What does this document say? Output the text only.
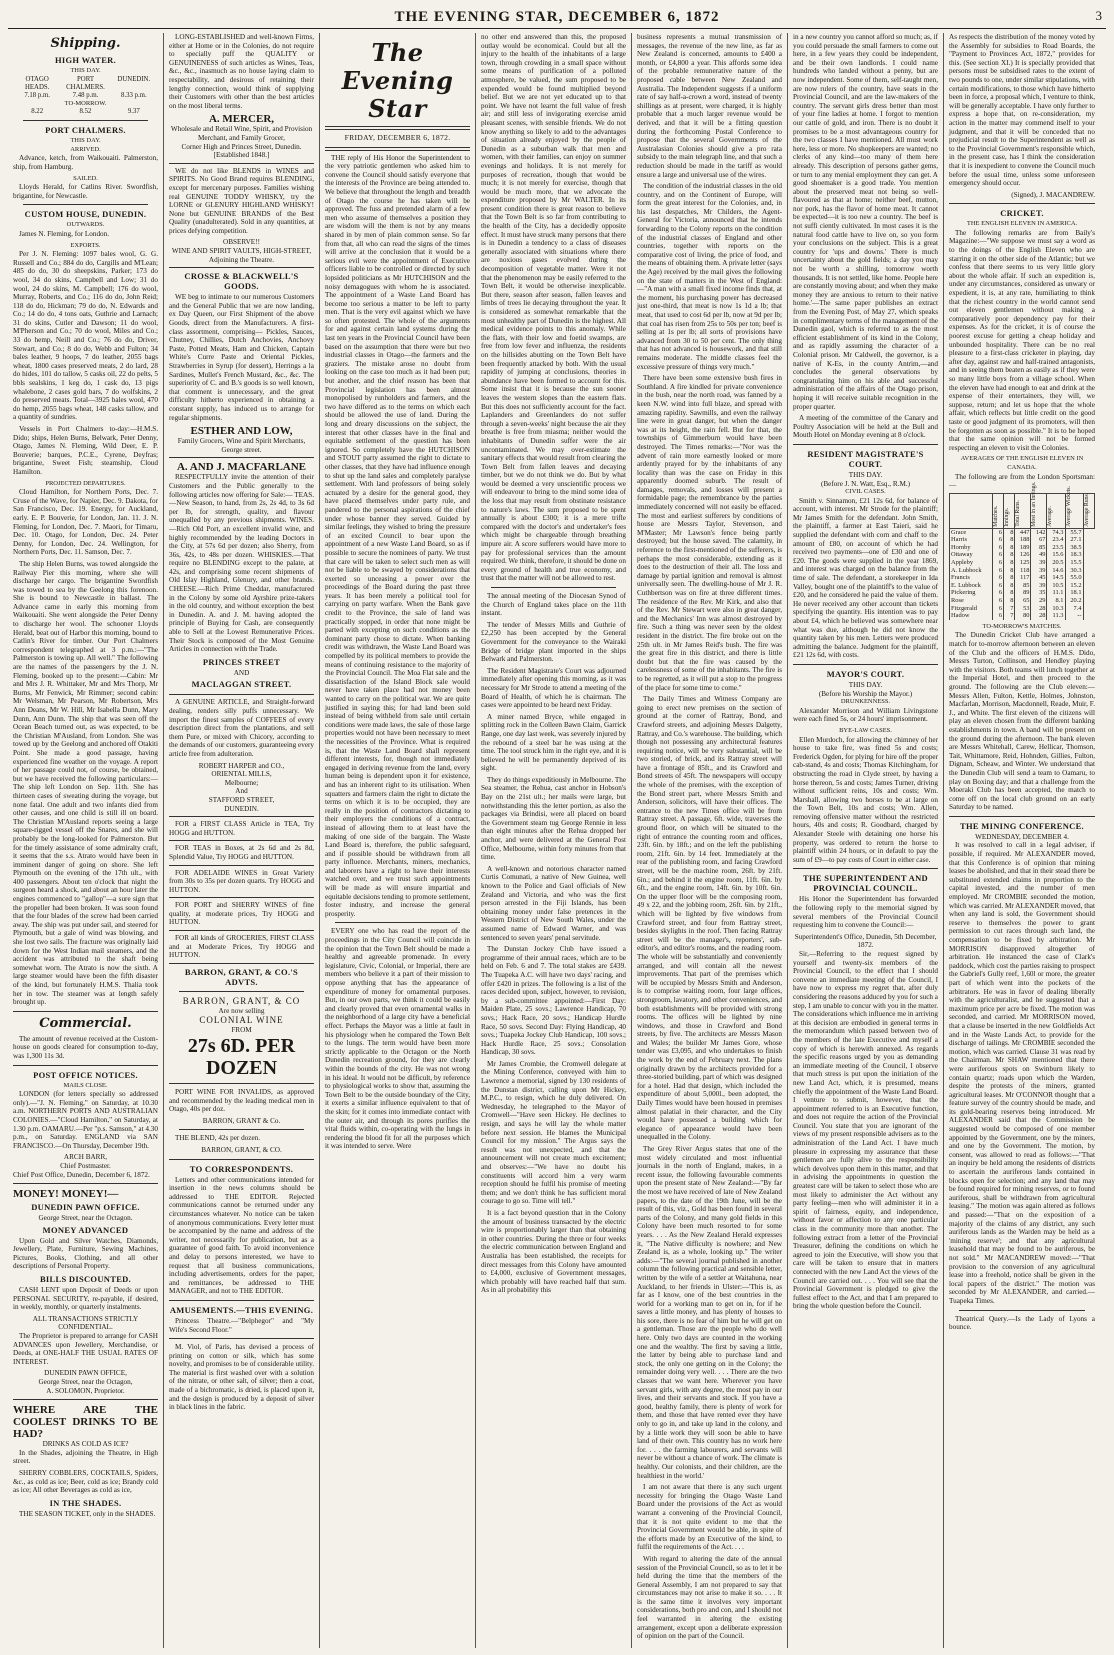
THE EVENING STAR, DECEMBER 6, 1872	3
Shipping.
HIGH WATER.
THIS DAY.
OTAGO HEADS.
PORT CHALMERS.
DUNEDIN.
7.18 p.m.	7.48 p.m.	8.33 p.m.
TO-MORROW.
8.22	8.52	9.37
PORT CHALMERS.
THIS DAY.
ARRIVED.

Advance, ketch, from Waikouaiti. Palmerston, ship, from Hamburg.

SAILED.

Lloyds Herald, for Catlins River. Swordfish, brigantine, for Newcastle.

CUSTOM HOUSE, DUNEDIN.
OUTWARDS.

James N. Fleming, for London.

EXPORTS.

Per J. N. Fleming: 1097 bales wool, G. G. Russell and Co.; 884 do do, Cargills and M'Lean; 485 do do, 30 do sheepskins, Parker; 173 do wool, 34 do skins, Campbell and Low; 31 do wool, 24 do skins, M. Campbell; 176 do wool, Murray, Roberts, and Co.; 116 do do, John Reid; 118 do do, Hickman; 79 do do, N. Edwards and Co.; 14 do do, 4 tons oats, Guthrie and Larnach; 31 do skins, Cutler and Dawson; 11 do wool, M'Pherson and Co.; 70 do wool, Miles and Co.; 33 do hemp, Neill and Co.; 76 do do, Driver, Stewart, and Co.; 8 do do, Webb and Fulton; 34 bales leather, 9 hoops, 7 do leather, 2055 bags wheat, 1800 cases preserved meats, 2 do lard, 28 do hides, 101 do tallow, 5 casks oil, 22 do pelts, 5 bbls sealskins, 1 keg do, 1 cask do, 13 pigs whalebone, 2 cases gold bars, 7 do wolfskins, 2 do preserved meats. Total—3925 bales wool, 470 do hemp, 2055 bags wheat, 148 casks tallow, and a quantity of sundries.

Vessels in Port Chalmers to-day:—H.M.S. Dido; ships, Helen Burns, Belwark, Peter Denny, Otago, James N. Fleming, Wild Deer, E. P. Bouverie; barques, P.C.E., Cyrene, Deyfras; brigantine, Sweet Fish; steamship, Cloud Hamilton.

PROJECTED DEPARTURES.

Cloud Hamilton, for Northern Ports, Dec. 7. Cruse of the Wave, for Napier, Dec. 9. Dakota, for San Francisco, Dec. 19. Energy, for Auckland, early. E. P. Bouverie, for London, Jan. 11. J. N. Fleming, for London, Dec. 7. Maori, for Timaru, Dec. 10. Otago, for London, Dec. 24. Peter Denny, for London, Dec. 24. Wellington, for Northern Ports, Dec. 11. Samson, Dec. 7.

The ship Helen Burns, was towed alongside the Railway Pier this morning, where she will discharge her cargo. The brigantine Swordfish was towed to sea by the Geelong this forenoon. She is bound to Newcastle in ballast. The Advance came in early this morning from Waikouaiti. She went alongside the Peter Denny to discharge her wool. The schooner Lloyds Herald, beat out of Harbor this morning, bound to Catlin's River for timber. Our Port Chalmers correspondent telegraphed at 3 p.m.:—"The Palmerston is towing up. All well." The following are the names of the passengers by the J. N. Fleming, booked up to the present:—Cabin: Mr and Mrs J. R. Whittaker, Mr and Mrs Thorp, Mr Burns, Mr Fenwick, Mr Rimmer; second cabin: Mr Welsman, Mr Pearson, Mr Robertson, Mrs Ann Deans, Mr W. Hill, Mr Isabella Dunn, Mary Dunn, Ann Dunn. The ship that was seen off the Ocean Beach turned out, as was expected, to be the Christian M'Ausland, from London. She was towed up by the Geelong and anchored off Otakiti Point. She made a good passage, having experienced fine weather on the voyage. A report of her passage could not, of course, be obtained, but we have received the following particulars:—The ship left London on Sep. 11th. She has thirteen cases of sweating during the voyage, but none fatal. One adult and two infants died from other causes, and one child is still ill on board. The Christian M'Ausland reports seeing a large square-rigged vessel off the Snares, and she will probably be the long-looked for Palmerston. But for the timely assistance of some admiralty craft, it seems that the s.s. Atrato would have been in imminent danger of going on shore. She left Plymouth on the evening of the 17th ult., with 400 passengers. About ten o'clock that night the surgeon heard a shock, and about an hour later the engines commenced to "gallop"—a sure sign that the propeller had been broken. It was soon found that the four blades of the screw had been carried away. The ship was put under sail, and steered for Plymouth, but a gale of wind was blowing, and she lost two sails. The fracture was originally laid down for the West Indian mail steamers, and the accident was attributed to the shaft being somewhat worn. The Atrato is now the sixth. A large steamer would have been the fifth disaster of the kind, but fortunately H.M.S. Thalia took her in tow. The steamer was at length safely brought up.

Commercial.

The amount of revenue received at the Custom-house on goods cleared for consumption to-day, was 1,300 11s 3d.

POST OFFICE NOTICES.
MAILS CLOSE.

LONDON (for letters specially so addressed only).—"J. N. Fleming," on Saturday, at 10.30 a.m. NORTHERN PORTS AND AUSTRALIAN COLONIES.—"Cloud Hamilton," on Saturday, at 1.30 p.m. OAMARU.—Per "p.s. Samson," at 4.30 p.m., on Saturday. ENGLAND via SAN FRANCISCO.—On Thursday, December 19th.

ARCH BARR,
Chief Postmaster.

Chief Post Office, Dunedin, December 6, 1872.

MONEY! MONEY!—
DUNEDIN PAWN OFFICE.
George Street, near the Octagon.
MONEY ADVANCED

Upon Gold and Silver Watches, Diamonds, Jewellery, Plate, Furniture, Sewing Machines, Pictures, Books, Clothing, and all other descriptions of Personal Property.

BILLS DISCOUNTED.

CASH LENT upon Deposit of Deeds or upon PERSONAL SECURITY, re-payable, if desired, in weekly, monthly, or quarterly instalments.

ALL TRANSACTIONS STRICTLY CONFIDENTIAL.

The Proprietor is prepared to arrange for CASH ADVANCES upon Jewellery, Merchandise, or Deeds, at ONE-HALF THE USUAL RATES OF INTEREST.

DUNEDIN PAWN OFFICE,
George Street, near the Octagon,
A. SOLOMON, Proprietor.
WHERE ARE THE COOLEST DRINKS TO BE HAD?
DRINKS AS COLD AS ICE?

In the Shades, adjoining the Theatre, in High street.

SHERRY COBBLERS, COCKTAILS, Spiders, &c., as cold as ice; Beer, cold as ice; Brandy cold as ice; All other Beverages as cold as ice,

IN THE SHADES.

THE SEASON TICKET, only in the SHADES.

LONG-ESTABLISHED and well-known Firms, either at Home or in the Colonies, do not require to specially puff the QUALITY or GENUINENESS of such articles as Wines, Teas, &c., &c., inasmuch as no house laying claim to respectability, and desirous of retaining their lengthy connection, would think of supplying their Customers with other than the best articles on the most liberal terms.

A. MERCER,
Wholesale and Retail Wine, Spirit, and Provision Merchant, and Family Grocer,
Corner High and Princes Street, Dunedin.
[Established 1848.]

WE do not like BLENDS in WINES and SPIRITS. No Good Brand requires BLENDING, except for mercenary purposes. Families wishing real GENUINE TODDY WHISKY, try the LORNE or GLENURY HIGHLAND WHISKY! None but GENUINE BRANDS of the Best Quality (unadulterated). Sold in any quantities, at prices defying competition.

OBSERVE!!
WINE AND SPIRIT VAULTS, HIGH-STREET,
Adjoining the Theatre.
CROSSE & BLACKWELL'S GOODS.

WE beg to intimate to our numerous Customers and the General Public that we are now landing, ex Day Queen, our First Shipment of the above Goods, direct from the Manufacturers. A first-class assortment, comprising— Pickles, Sauces, Chutney, Chillies, Dutch Anchovies, Anchovy Paste, Potted Meats, Ham and Chicken, Captain White's Curre Paste and Oriental Pickles, Strawberries in Syrup (for dessert), Herrings a la Sardines, Mullet's French Mustard, &c., &c. The superiority of C. and B.'s goods is so well known, that comment is unnecessary, and the great difficulty hitherto experienced in obtaining a constant supply, has induced us to arrange for regular shipments.

ESTHER AND LOW,
Family Grocers, Wine and Spirit Merchants, George street.
A. AND J. MACFARLANE

RESPECTFULLY invite the attention of their Customers and the Public generally to the following articles now offering for Sale:— TEAS.—New Season, to hand, from 2s, 2s 4d, to 3s 6d per lb, for strength, quality, and flavour unequalled by any previous shipments. WINES.—Rich Old Port, an excellent invalid wine, and highly recommended by the leading Doctors in the City, at 57s 6d per dozen; also Sherry, from 36s, 42s, to 48s per dozen. WHISKIES.—That require no BLENDING except to the palate, at 42s, and comprising some recent shipments of Old Islay Highland, Glenury, and other brands. CHEESE.—Rich Prime Cheddar, manufactured in the Colony by some old Ayrshire prize-takers in the old country, and without exception the best in Dunedin. A. and J. M. having adopted the principle of Buying for Cash, are consequently able to Sell at the Lowest Remunerative Prices. Their Stock is composed of the Most Genuine Articles in connection with the Trade.

PRINCES STREET
AND
MACLAGGAN STREET.

A GENUINE ARTICLE, and Straight-forward dealing, renders silly puffs unnecessary. We import the finest samples of COFFEES of every description direct from the plantations, and sell them Pure, or mixed with Chicory, according to the demands of our customers, guaranteeing every article free from adulteration.

ROBERT HARPER and CO.,
ORIENTAL MILLS,
Melbourne;
And
STAFFORD STREET,
DUNEDIN.

FOR a FIRST CLASS Article in TEA, Try HOGG and HUTTON.

FOR TEAS in Boxes, at 2s 6d and 2s 8d, Splendid Value, Try HOGG and HUTTON.

FOR ADELAIDE WINES in Great Variety from 30s to 35s per dozen quarts. Try HOGG and HUTTON.

FOR PORT and SHERRY WINES of fine quality, at moderate prices, Try HOGG and HUTTON.

FOR all kinds of GROCERIES, FIRST CLASS and at Moderate Prices, Try HOGG and HUTTON.

BARRON, GRANT, & CO.'S ADVTS.
BARRON, GRANT, & CO
Are now selling
COLONIAL WINE
FROM
27s 6D. PER DOZEN

PORT WINE FOR INVALIDS, as approved and recommended by the leading medical men in Otago, 40s per doz.

BARRON, GRANT & Co.

THE BLEND, 42s per dozen.

BARRON, GRANT, & CO.
TO CORRESPONDENTS.

Letters and other communications intended for insertion in the news columns should be addressed to THE EDITOR. Rejected communications cannot be returned under any circumstances whatever. No notice can be taken of anonymous communications. Every letter must be accompanied by the name and address of the writer, not necessarily for publication, but as a guarantee of good faith. To avoid inconvenience and delay to persons interested, we have to request that all business communications, including advertisements, orders for the paper, and remittances, be addressed to THE MANAGER, and not to THE EDITOR.

AMUSEMENTS.—THIS EVENING.

Princess Theatre.—"Belphegor" and "My Wife's Second Floor."

M. Viol, of Paris, has devised a process of printing on cotton or silk, which has some novelty, and promises to be of considerable utility. The material is first washed over with a solution of the nitrate, or other salt, of silver; then a coat, made of a bichromatic, is dried, is placed upon it, and the design is produced by a deposit of silver in black lines in the fabric.

The Evening Star
FRIDAY, DECEMBER 6, 1872.

THE reply of His Honor the Superintendent to the very patriotic gentlemen who asked him to convene the Council should satisfy everyone that the interests of the Province are being attended to. We believe that throughout the length and breadth of Otago the course he has taken will be approved. The fuss and pretended alarm of a few men who assume of themselves a position they are wisdom will the them is not by any means shared in by men of plain common sense. So far from that, all who can read the signs of the times will arrive at the conclusion that it would be a serious evil were the appointment of Executive officers liable to be controlled or directed by such lopsided politicians as Mr HUTCHISON and the noisy demagogues with whom he is associated. The appointment of a Waste Land Board has become too serious a matter to be left to party men. That is the very evil against which we have so often protested. The whole of the arguments for and against certain land systems during the last ten years in the Provincial Council have been based on the assumption that there were but two industrial classes in Otago—the farmers and the graziers. The mistake arose no doubt from looking on the case too much as it had been put; but another, and the chief reason has been that Provincial legislation has been almost monopolised by runholders and farmers, and the two have differed as to the terms on which each should be allowed the use of land. During the long and dreary discussions on the subject, the interest that other classes have in the final and equitable settlement of the question has been ignored. So completely have the HUTCHISON and STOUT party assumed the right to dictate to other classes, that they have had influence enough to shut up the land sales and completely paralyse settlement. With land professors of being solely actuated by a desire for the general good, they have placed themselves under party rule, and pandered to the personal aspirations of the chief under whose banner they served. Guided by similar feelings, they wished to bring the pressure of an excited Council to bear upon the appointment of a new Waste Land Board, so as if possible to secure the nominees of party. We trust that care will be taken to select such men as will not be liable to be swayed by considerations that exerted so unceasing a power over the proceedings of the Board during the past three years. It has been merely a political tool for carrying on party warfare. When the Bank gave credit to the Province, the sale of land was practically stopped, in order that none might be parted with excepting on such conditions as the dominant party chose to dictate. When banking credit was withdrawn, the Waste Land Board was compelled by its political members to provide the means of continuing resistance to the majority of the Provincial Council. The Moa Flat sale and the dissatisfaction of the Island Block sale would never have taken place had not money been wanted to carry on the political war. We are quite justified in saying this; for had land been sold instead of being withheld from sale until certain conditions were made laws, the sale of those large properties would not have been necessary to meet the necessities of the Province. What is required is, that the Waste Land Board shall represent different interests, for, though not immediately engaged in deriving revenue from the land, every human being is dependent upon it for existence, and has an inherent right to its utilisation. When squatters and farmers claim the right to dictate the terms on which it is to be occupied, they are really in the position of contractors dictating to their employers the conditions of a contract, instead of allowing them to at least have the making of one side of the bargain. The Waste Land Board is, therefore, the public safeguard, and if possible should be withdrawn from all party influence. Merchants, miners, mechanics, and laborers have a right to have their interests watched over, and we trust such appointments will be made as will ensure impartial and equitable decisions tending to promote settlement, foster industry, and increase the general prosperity.

EVERY one who has read the report of the proceedings in the City Council will coincide in the opinion that the Town Belt should be made a healthy and agreeable promenade. In every legislature, Civic, Colonial, or Imperial, there are members who believe it a part of their mission to oppose anything that has the appearance of expenditure of money for ornamental purposes. But, in our own parts, we think it could be easily and clearly proved that even ornamental walks in the neighborhood of a large city have a beneficial effect. Perhaps the Mayor was a little at fault in his physiology when he compared the Town Belt to the lungs. The term would have been more strictly applicable to the Octagon or the North Dunedin recreation ground, for they are clearly within the bounds of the city. He was not wrong in his ideal. It would not be difficult, by reference to physiological works to show that, assuming the Town Belt to be the outside boundary of the City, it exerts a similar influence equivalent to that of the skin; for it comes into immediate contact with the outer air, and through its pores purifies the vital fluids within, co-operating with the lungs in rendering the blood fit for all the purposes which it was intended to serve. Were

no other end answered than this, the proposed outlay would be economical. Could but all the injury to the health of the inhabitants of a large town, through crowding in a small space without some means of purification of a polluted atmosphere, be valued, the sum proposed to be expended would be found multiplied beyond belief. But we are not yet educated up to that point. We have not learnt the full value of fresh air; and still less of invigorating exercise amid pleasant scenes, with sensible friends. We do not know anything so likely to add to the advantages of situation already enjoyed by the people of Dunedin as a suburban walk that men and women, with their families, can enjoy on summer evenings and holidays. It is not merely for purposes of recreation, though that would be much; it is not merely for exercise, though that would be much more, that we advocate the expenditure proposed by Mr WALTER. In its present condition there is great reason to believe that the Town Belt is so far from contributing to the health of the City, has a decidedly opposite effect. It must have struck many persons that there is in Dunedin a tendency to a class of diseases generally associated with situations where there are noxious gases evolved during the decomposition of vegetable matter. Were it not that the phenomenon may be easily referred to the Town Belt, it would be otherwise inexplicable. But there, season after season, fallen leaves and limbs of trees lie decaying throughout the year. It is considered as somewhat remarkable that the most unhealthy part of Dunedin is the highest. All medical evidence points to this anomaly. While the flats, with their low and foetid swamps, are free from low fever and influenza, the residents on the hillsides abutting on the Town Belt have been frequently attacked by both. With the usual rapidity of jumping at conclusions, theories in abundance have been formed to account for this. Some insist that it is because the sun sooner leaves the western slopes than the eastern flats. But this does not sufficiently account for the fact. Laplanders and Greenlanders do not suffer through a seven-weeks' night because the air they breathe is free from miasma; neither would the inhabitants of Dunedin suffer were the air uncontaminated. We may over-estimate the sanitary effects that would result from clearing the Town Belt from fallen leaves and decaying timber, but we do not think we do. But by what would be deemed a very unscientific process we will endeavour to bring to the mind some idea of the loss that may result from obstinate resistance to nature's laws. The sum proposed to be spent annually is about £300; it is a mere trifle compared with the doctor's and undertaker's fees which might be chargeable through breathing impure air. A score sufferers would have more to pay for professional services than the amount required. We think, therefore, it should be done on every ground of health and true economy, and trust that the matter will not be allowed to rest.

The annual meeting of the Diocesan Synod of the Church of England takes place on the 11th instant.

The tender of Messrs Mills and Guthrie of £2,250 has been accepted by the General Government for the conveyance to the Wairaki Bridge of bridge plant imported in the ships Belwark and Palmerston.

The Resident Magistrate's Court was adjourned immediately after opening this morning, as it was necessary for Mr Strode to attend a meeting of the Board of Health, of which he is chairman. The cases were appointed to be heard next Friday.

A miner named Bryce, while engaged in splitting rock in the Colleen Bawn Claim, Garrick Range, one day last week, was severely injured by the rebound of a steel bar he was using at the time. The tool struck him in the right eye, and it is believed he will be permanently deprived of its sight.

They do things expeditiously in Melbourne. The Sea steamer, the Rehua, cast anchor in Hobson's Bay on the 21st ult.; her mails were large, but notwithstanding this the letter portion, as also the packages via Brindisi, were all placed on board the Government steam tug George Rennie in less than eight minutes after the Rehua dropped her anchor, and were delivered at the General Post Office, Melbourne, within forty minutes from that time.

A well-known and notorious character named Curtis Comunati, a native of New Guinea, well known to the Police and Gaol officials of New Zealand and Victoria, and who was the first person arrested in the Fiji Islands, has been obtaining money under false pretences in the Western District of New South Wales, under the assumed name of Edward Warner, and was sentenced to seven years' penal servitude.

The Dunstan Jockey Club have issued a programme of their annual races, which are to be held on Feb. 6 and 7. The total stakes are £439. The Tuapeka A.C. will have two days' racing, and offer £420 in prizes. The following is a list of the races decided upon, subject, however, to revision, by a sub-committee appointed:—First Day: Maiden Plate, 25 sovs.; Lawrence Handicap, 70 sovs.; Hack Race, 20 sovs.; Handicap Hurdle Race, 50 sovs. Second Day: Flying Handicap, 40 sovs.; Tuapeka Jockey Club Handicap, 100 sovs.; Hack Hurdle Race, 25 sovs.; Consolation Handicap, 30 sovs.

Mr James Crombie, the Cromwell delegate at the Mining Conference, conveyed with him to Lawrence a memorial, signed by 130 residents of the Dunstan district, calling upon Mr Hickey, M.P.C., to resign, which he duly delivered. On Wednesday, he telegraphed to the Mayor of Cromwell—"Have seen Hickey. He declines to resign, and says he will lay the whole matter before next session. He blames the Municipal Council for my mission." The Argus says the result was not unexpected, and that the announcement will not create much excitement; and observes:—"We have no doubt his constituents will accord him a very warm reception should he fulfil his promise of meeting them; and we don't think he has sufficient moral courage to go so. Time will tell."

It is a fact beyond question that in the Colony the amount of business transacted by the electric wire is proportionably larger than that obtaining in other countries. During the three or four weeks the electric communication between England and Australia has been established, the receipts for direct messages from this Colony have amounted to £4,000, exclusive of Government messages, which probably will have reached half that sum. As in all probability this

business represents a mutual transmission of messages, the revenue of the new line, as far as New Zealand is concerned, amounts to £400 a month, or £4,800 a year. This affords some idea of the probable remunerative nature of the proposed cable between New Zealand and Australia. The Independent suggests if a uniform rate of say half-a-crown a word, instead of twenty shillings as at present, were charged, it is highly probable that a much larger revenue would be derived, and that it will be a fitting question during the forthcoming Postal Conference to propose that the several Governments of the Australasian Colonies should give a pro rata subsidy to the main telegraph line, and that such a reduction should be made in the tariff as would ensure a large and universal use of the wires.

The condition of the industrial classes in the old country, and on the Continent of Europe, will form the great interest for the Colonies, and, in his last despatches, Mr Childers, the Agent-General for Victoria, announced that he intends forwarding to the Colony reports on the condition of the industrial classes of England and other countries, together with reports on the comparative cost of living, the price of food, and the means of obtaining them. A private letter (says the Age) received by the mail gives the following on the state of matters in the West of England:—"A man with a small fixed income finds that, at the moment, his purchasing power has decreased just one-third, that meat is now 1s 1d a lb; that meat, that used to cost 6d per lb, now at 9d per lb; that coal has risen from 25s to 50s per ton; beef is selling at 1s per lb; all sorts of provisions have advanced from 30 to 50 per cent. The only thing that has not advanced is housework, and that still remains moderate. The middle classes feel the excessive pressure of things very much."

There have been some extensive bush fires in Southland. A fire kindled for private convenience in the bush, near the north road, was fanned by a keen N.W. wind into full blaze, and spread with amazing rapidity. Sawmills, and even the railway line were in great danger, but when the danger was at its height, the rain fell. But for that, the townships of Gimmerburn would have been destroyed. The Times remarks:—"Nor was the advent of rain more earnestly looked or more ardently prayed for by the inhabitants of any locality than was the case on Friday in this apparently doomed suburb. The result of damages, removals, and losses will present a formidable page; the remembrance by the parties immediately concerned will not easily be effaced. The most and earliest sufferers by conditions of house are Messrs Taylor, Stevenson, and M'Master; Mr Lawson's fence being partly destroyed; but the house saved. The calamity, in reference to the first-mentioned of the sufferers, is perhaps the most considerable, extending as it does to the destruction of their all. The loss and damage by partial ignition and removal is almost universally seen. The dwelling-house of Mr J. R. Cuthbertson was on fire at three different times. The residence of the Rev. Mr Kirk, and also that of the Rev. Mr Stewart were also in great danger, and the Mechanics' Inn was almost destroyed by fire. Such a thing was never seen by the oldest resident in the district. The fire broke out on the 25th ult. in Mr James Reid's bush. The fire was the great fire in this district, and there is little doubt but that the fire was caused by the carelessness of some of the inhabitants. The fire is to be regretted, as it will put a stop to the progress of the place for some time to come."

The Daily Times and Witness Company are going to erect new premises on the section of ground at the corner of Rattray, Bond, and Crawford streets, and adjoining Messrs Dalgetty, Rattray, and Co.'s warehouse. The building, which though not possessing any architectural features requiring notice, will be very substantial, will be two storied, of brick, and its Rattray street will have a frontage of 85ft., and its Crawford and Bond streets of 45ft. The newspapers will occupy the whole of the premises, with the exception of the Bond street part, where Messrs Smith and Anderson, solicitors, will have their offices. The entrance to the new Times office will be from Rattray street. A passage, 6ft. wide, traverses the ground floor, on which will be situated to the right of entrance the counting room and offices, 23ft. 6in. by 18ft.; and on the left the publishing room, 21ft. 6in. by 14 feet. Immediately at the rear of the publishing room, and facing Crawford street, will be the machine room, 26ft. by 21ft. 6in.; and behind it the engine room, 11ft. 6in. by 6ft., and the engine room, 14ft. 6in. by 10ft. 6in. On the upper floor will be the composing room, 49 x 22, and the jobbing room, 26ft. 6in. by 21ft., which will be lighted by five windows from Crawford street, and four from Rattray street, besides skylights in the roof. Then facing Rattray street will be the manager's, reporters', sub-editor's, and editor's rooms, and the reading room. The whole will be substantially and conveniently arranged, and will contain all the newest improvements. That part of the premises which will be occupied by Messrs Smith and Anderson, is to comprise waiting room, four large offices, strongroom, lavatory, and other conveniences, and both establishments will be provided with strong rooms. The offices will be lighted by nine windows, and those in Crawford and Bond streets, by five. The architects are Messrs Mason and Wales; the builder Mr James Gore, whose tender was £3,095, and who undertakes to finish the work by the end of February next. The plans originally drawn by the architects provided for a three-storied building, part of which was designed for a hotel. Had that design, which included the expenditure of about 5,000l., been adopted, the Daily Times would have been housed in premises almost palatial in their character, and the City would have possessed a building which for elegance of appearance would have been unequalled in the Colony.

The Grey River Argus states that one of the most widely circulated and most influential journals in the north of England, makes, in a recent issue, the following favourable comments upon the present state of New Zealand:—"By far the most we have received of late of New Zealand papers, to the date of the 19th June, will be the result of this, viz., Gold has been found in several parts of the Colony, and many gold fields in this Colony have been much resorted to for some years. . . . As the New Zealand Herald expresses it, "The Native difficulty is nowhere; and New Zealand is, as a whole, looking up." The writer adds:—"The several journal published in another column the following practical and sensible letter, written by the wife of a settler at Waitahuna, near Auckland, to her friends in Ulster:—'This is, as far as I know, one of the best countries in the world for a working man to get on in, for if he saves a little money, and has plenty of houses to his sore, there is no fear of him but he will get on a gentleman. Those are the people who do well here. Only two days are counted in the working one and the wealthy. The first by saving a little, the latter by being able to purchase land and stock, the only one getting on in the Colony; the remainder doing very well. . . . There are the two classes that we want here. Wherever you have servant girls, with any degree, the most pay in our lives, and their servants and stock. If you have a good, healthy family, there is plenty of work for them, and those that have rented ever they have only to go in, and take up land in the colony, and by a little work they will soon be able to have land of their own. This country has no work here for. . . . the farming labourers, and servants will never be without a chance of work. The climate is healthy. Our colonists, and their children, are the healthiest in the world.'

I am not aware that there is any such urgent necessity for bringing the Otago Waste Land Board under the provisions of the Act as would warrant a convening of the Provincial Council, that it is not quite evident to me that the Provincial Government would be able, in spite of the efforts made by an Executive of the kind, to fulfil the requirements of the Act. . . .

With regard to altering the date of the annual session of the Provincial Council, so as to let it be held during the time that the members of the General Assembly, I am not prepared to say that circumstances may not arise to make it so. . . . It is the same time it involves very important considerations, both pro and con, and I should not feel warranted in altering the existing arrangement, except upon a deliberate expression of opinion on the part of the Council.

in a new country you cannot afford so much; as, if you could persuade the small farmers to come out here, in a few years they could be independent, and be their own landlords. I could name hundreds who landed without a penny, but are now independent. Some of them, self-taught men, are now rulers of the country, have seats in the Provincial Council, and are the law-makers of the country. The servant girls dress better than most of your fine ladies at home. I forgot to mention our cattle of gold, and iron. There is no doubt it promises to be a most advantageous country for the two classes I have mentioned. All must work here, less or more. No shopkeepers are wanted; no clerks of any kind—too many of them here already. This description of persons gather gems, or turn to any menial employment they can get. A good shoemaker is a good trade. You mention about the preserved meat not being so well-flavoured as that at home; neither beef, mutton, nor pork, has the flavor of home meat. It cannot be expected—it is too new a country. The beef is not suffi ciently cultivated. In most cases it is the natural food cattle have to live on, so you form your conclusions on the subject. This is a great country for 'ups and downs.' There is much uncertainty about the gold fields; a day you may not be worth a shilling, tomorrow worth thousands. It is not settled, like home. People here are constantly moving about; and when they make money they are anxious to return to their native home.'—The same paper publishes an extract from the Evening Post, of May 27, which speaks in complimentary terms of the management of the Dunedin gaol, which is referred to as the most efficient establishment of its kind in the Colony, and as rapidly assuming the character of a Colonial prison. Mr Caldwell, the governor, is a native of K-Es, in the county Antrim,—and concludes the general observations by congratulating him on his able and successful administration of the affairs of the Otago prison, hoping it will receive suitable recognition in the proper quarter.

A meeting of the committee of the Canary and Poultry Association will be held at the Bull and Mouth Hotel on Monday evening at 8 o'clock.

RESIDENT MAGISTRATE'S COURT.
THIS DAY.
(Before J. N. Watt, Esq., R.M.)
CIVIL CASES.

Smith v. Sinnamon, £21 12s 6d, for balance of account, with interest. Mr Strode for the plaintiff; Mr James Smith for the defendant. John Smith, the plaintiff, a farmer at East Taieri, said he supplied the defendant with corn and chaff to the amount of £80, on account of which he had received two payments—one of £30 and one of £20. The goods were supplied in the year 1869, and interest was charged on the balance from the time of sale. The defendant, a storekeeper in Ida Valley, bought one of the plaintiff's to the value of £20, and he considered he paid the value of them. He never received any other account than tickets specifying the quantity. His intention was to pay about £4, which he believed was somewhere near what was due, although he did not know the quantity taken by his men. Letters were produced admitting the balance. Judgment for the plaintiff, £21 12s 6d, with costs.

MAYOR'S COURT.
THIS DAY.
(Before his Worship the Mayor.)
DRUNKENNESS.

Alexander Morrison and William Livingstone were each fined 5s, or 24 hours' imprisonment.

BYE-LAW CASES.

Ellen Murdoch, for allowing the chimney of her house to take fire, was fined 5s and costs; Frederick Ogden, for plying for hire off the proper cab-stand, 4s and costs; Thomas Kitchingham, for obstructing the road in Clyde street, by having a horse thereon, 5s and costs; James Turner, driving without sufficient reins, 10s and costs; Wm. Marshall, allowing two horses to be at large on the Town Belt, 10s and costs; Wm. Allen, removing offensive matter without the restricted hours, 40s and costs; R. Goodbard, charged by Alexander Steele with detaining one horse his property, was ordered to return the horse to plaintiff within 24 hours, or in default to pay the sum of £9—to pay costs of Court in either case.

THE SUPERINTENDENT AND PROVINCIAL COUNCIL.

His Honor the Superintendent has forwarded the following reply to the memorial signed by several members of the Provincial Council requesting him to convene the Council:—

Superintendent's Office, Dunedin, 5th December, 1872.

Sir,—Referring to the request signed by yourself and twenty-six members of the Provincial Council, to the effect that I should convene an immediate meeting of the Council, I have now to express my regret that, after duly considering the reasons adduced by you for such a step, I am unable to concur with you in the matter. The considerations which influence me in arriving at this decision are embodied in general terms in the memorandum which passed between two of the members of the late Executive and myself a copy of which is herewith annexed. As regards the specific reasons urged by you as demanding an immediate meeting of the Council, I observe that much stress is put upon the initiation of the new Land Act, which, it is presumed, means chiefly the appointment of the Waste Land Board. I venture to submit, however, that the appointment referred to is an Executive function, and does not require the action of the Provincial Council. You state that you are ignorant of the views of my present responsible advisers as to the administration of the Land Act. I have much pleasure in expressing my assurance that these gentlemen are fully alive to the responsibility which devolves upon them in this matter, and that in advising the appointments in question the greatest care will be taken to select those who are most likely to administer the Act without any party feeling—men who will administer it in a spirit of fairness, equity, and independence, without favor or affection to any one particular class in the community more than another. The following extract from a letter of the Provincial Treasurer, defining the conditions on which he agreed to join the Executive, will show you that care will be taken to ensure that in matters connected with the new Land Act the views of the Council are carried out. . . . You will see that the Provincial Government is pledged to give the fullest effect to the Act, and that I am prepared to bring the whole question before the Council.

As respects the distribution of the money voted by the Assembly for subsidies to Road Boards, the "Payment to Provinces Act, 1872," provides for this. (See section XI.) It is specially provided that persons must be subsidised rates to the extent of two pounds to one, under similar stipulations, with certain modifications, to those which have hitherto been in force, a proposal which, I venture to think, will be generally acceptable. I have only further to express a hope that, on re-consideration, my action in the matter may commend itself to your judgment, and that it will be conceded that no prejudicial result to the Superintendent as well as to the Provincial Government's responsible which, in the present case, has I think the consideration that it is inexpedient to convene the Council much before the usual time, unless some unforeseen emergency should occur.

(Signed), J. MACANDREW.
CRICKET.
THE ENGLISH ELEVEN IN AMERICA.

The following remarks are from Baily's Magazine:—"We suppose we must say a word as to the doings of the English Eleven who are starring it on the other side of the Atlantic; but we confess that there seems to us very little glory about the whole affair. If such an expedition is, under any circumstances, considered as unwary or expedient, it is, at any rate, humiliating to think that the richest country in the world cannot send out eleven gentlemen without making a comparatively poor dependency pay for their expenses. As for the cricket, it is of course the poorest excuse for getting a cheap holiday and unbounded hospitality. There can be no real pleasure to a first-class cricketer in playing, day after day, against raw and half-trained antagonists, and in seeing them beaten as easily as if they were so many little boys from a village school. When the eleven have had enough to eat and drink at the expense of their entertainers, they will, we suppose, return; and let us hope that the whole affair, which reflects but little credit on the good taste or good judgment of its promoters, will then be forgotten as soon as possible." It is to be hoped that the same opinion will not be formed respecting an eleven to visit the Colonies.

AVERAGES OF THE ENGLISH ELEVEN IN CANADA.

The following are from the London Sportsman:—

	Matches.	Innings.	Total Runs.	Most in an Innings.	Average.	Average Wickets.	Average Runs.
Grace	6	8	447	142	74.3	55.7	
Harris	6	8	188	67	23.4	27.1	
Hornby	6	8	189	85	23.5	38.5	
Ottaway	6	8	126	49	15.6	18.3	
Appleby	6	8	125	39	20.5	15.5	
A. Lubbock	6	8	118	39	14.6	30.3	
Francis	6	8	117	45	14.5	55.0	
E. Lubbock	6	8	85	39	10.5	15.2	
Pickering	6	8	89	35	11.1	18.1	
Rose	6	8	65	29	8.1	20.2	
Fitzgerald	6	7	53	28	10.3	7.4	
Hadow	6	7	80	28	11.3	--	
TO-MORROW'S MATCHES.

The Dunedin Cricket Club have arranged a match for to-morrow afternoon between an eleven of the Club and the officers of H.M.S. Dido, Messrs Turton, Collinson, and Hendley playing with the visitors. Both teams will lunch together at the Imperial Hotel, and then proceed to the ground. The following are the Club eleven:—Messrs Allen, Fulton, Kettle, Holmes, Johnston, Macfarlan, Morrison, Macdonnell, Reade, Muir, F. J., and White. The first eleven of the citizens will play an eleven chosen from the different banking establishments in town. A band will be present on the ground during the afternoon. The bank eleven are Messrs Whitehall, Carew, Hellicar, Thomson, Tait, Whittamore, Reid, Hohnden, Gillies, Fulton, Dignam, Scheaw, and Winter. We understand that the Dunedin Club will send a team to Oamaru, to play on Boxing day; and that a challenge from the Moeraki Club has been accepted, the match to come off on the local club ground on an early Saturday to be named.

THE MINING CONFERENCE.
WEDNESDAY, DECEMBER 4.

It was resolved to call in a legal adviser, if possible, if required. Mr ALEXANDER moved, that this Conference is of opinion that mining leases be abolished, and that in their stead there be substituted extended claims in proportion to the capital invested, and the number of men employed. Mr CROMBIE seconded the motion, which was carried. Mr ALEXANDER moved, that when any land is sold, the Government should reserve to themselves the power to grant permission to cut races through such land, the compensation to be fixed by arbitration. Mr MORRISON disapproved altogether of arbitration. He instanced the case of Clark's paddock, which cost the parties raising to prospect the Gabriel's Gully reef, 1,60l or more, the greater part of which went into the pockets of the arbitrators. He was in favor of dealing liberally with the agriculturalist, and he suggested that a maximum price per acre be fixed. The motion was seconded, and carried. Mr MORRISON moved, that a clause be inserted in the new Goldfields Act and in the Waste Lands Act, to provide for the discharge of tailings. Mr CROMBIE seconded the motion, which was carried. Clause 31 was read by the Chairman. Mr SHAW mentioned that there were auriferous spots on Swinburn likely to contain quartz; roads upon which the Warden, despite the protests of the miners, granted agricultural leases. Mr O'CONNOR thought that a feature survey of the country should be made, and its gold-bearing reserves being introduced. Mr ALEXANDER said that the Commission be suggested would be composed of one member appointed by the Government, one by the miners, and one by the Government. The motion, by consent, was allowed to read as follows:—"That an inquiry be held among the residents of districts to ascertain the auriferous lands contained in blocks open for selection; and any land that may be found required for mining reserves, or to found auriferous, shall be withdrawn from agricultural leasing." The motion was again altered as follows and passed:—"That on the exposition of a majority of the claims of any district, any such auriferous lands as the Warden may be held as a 'mining reserve'; and that any agricultural leasehold that may be found to be auriferous, be not sold." Mr MACANDREW moved:—"That provision to the conversion of any agricultural lease into a freehold, notice shall be given in the local papers of the district." The motion was seconded by Mr ALEXANDER, and carried.—Tuapeka Times.

Theatrical Query.—Is the Lady of Lyons a bounce.
